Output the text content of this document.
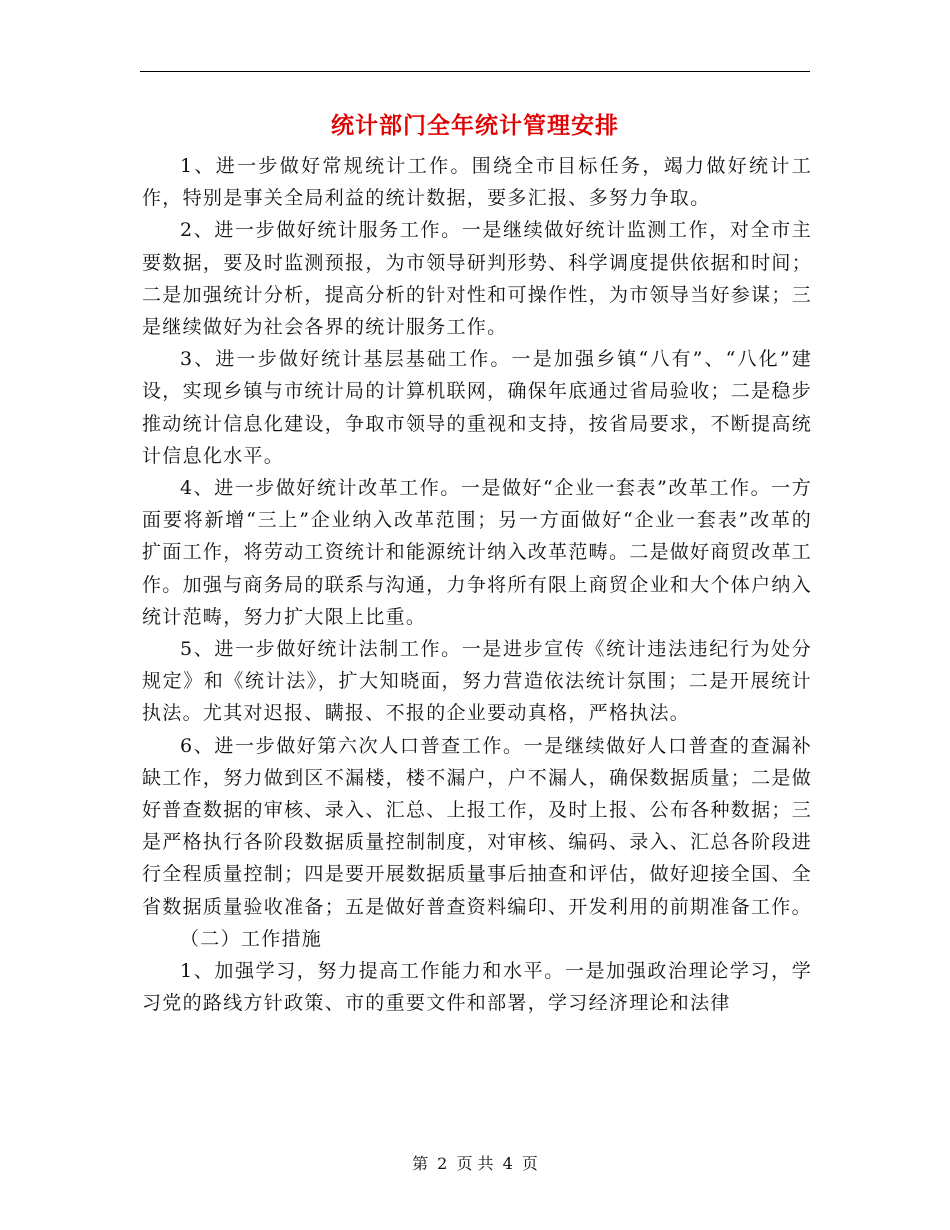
统计部门全年统计管理安排

1、进一步做好常规统计工作。围绕全市目标任务，竭力做好统计工作，特别是事关全局利益的统计数据，要多汇报、多努力争取。

2、进一步做好统计服务工作。一是继续做好统计监测工作，对全市主要数据，要及时监测预报，为市领导研判形势、科学调度提供依据和时间；二是加强统计分析，提高分析的针对性和可操作性，为市领导当好参谋；三是继续做好为社会各界的统计服务工作。

3、进一步做好统计基层基础工作。一是加强乡镇“八有”、“八化”建设，实现乡镇与市统计局的计算机联网，确保年底通过省局验收；二是稳步推动统计信息化建设，争取市领导的重视和支持，按省局要求，不断提高统计信息化水平。

4、进一步做好统计改革工作。一是做好“企业一套表”改革工作。一方面要将新增“三上”企业纳入改革范围；另一方面做好“企业一套表”改革的扩面工作，将劳动工资统计和能源统计纳入改革范畴。二是做好商贸改革工作。加强与商务局的联系与沟通，力争将所有限上商贸企业和大个体户纳入统计范畴，努力扩大限上比重。

5、进一步做好统计法制工作。一是进步宣传《统计违法违纪行为处分规定》和《统计法》，扩大知晓面，努力营造依法统计氛围；二是开展统计执法。尤其对迟报、瞒报、不报的企业要动真格，严格执法。

6、进一步做好第六次人口普查工作。一是继续做好人口普查的查漏补缺工作，努力做到区不漏楼，楼不漏户，户不漏人，确保数据质量；二是做好普查数据的审核、录入、汇总、上报工作，及时上报、公布各种数据；三是严格执行各阶段数据质量控制制度，对审核、编码、录入、汇总各阶段进行全程质量控制；四是要开展数据质量事后抽查和评估，做好迎接全国、全省数据质量验收准备；五是做好普查资料编印、开发利用的前期准备工作。

（二）工作措施

1、加强学习，努力提高工作能力和水平。一是加强政治理论学习，学习党的路线方针政策、市的重要文件和部署，学习经济理论和法律

第 2 页 共 4 页
